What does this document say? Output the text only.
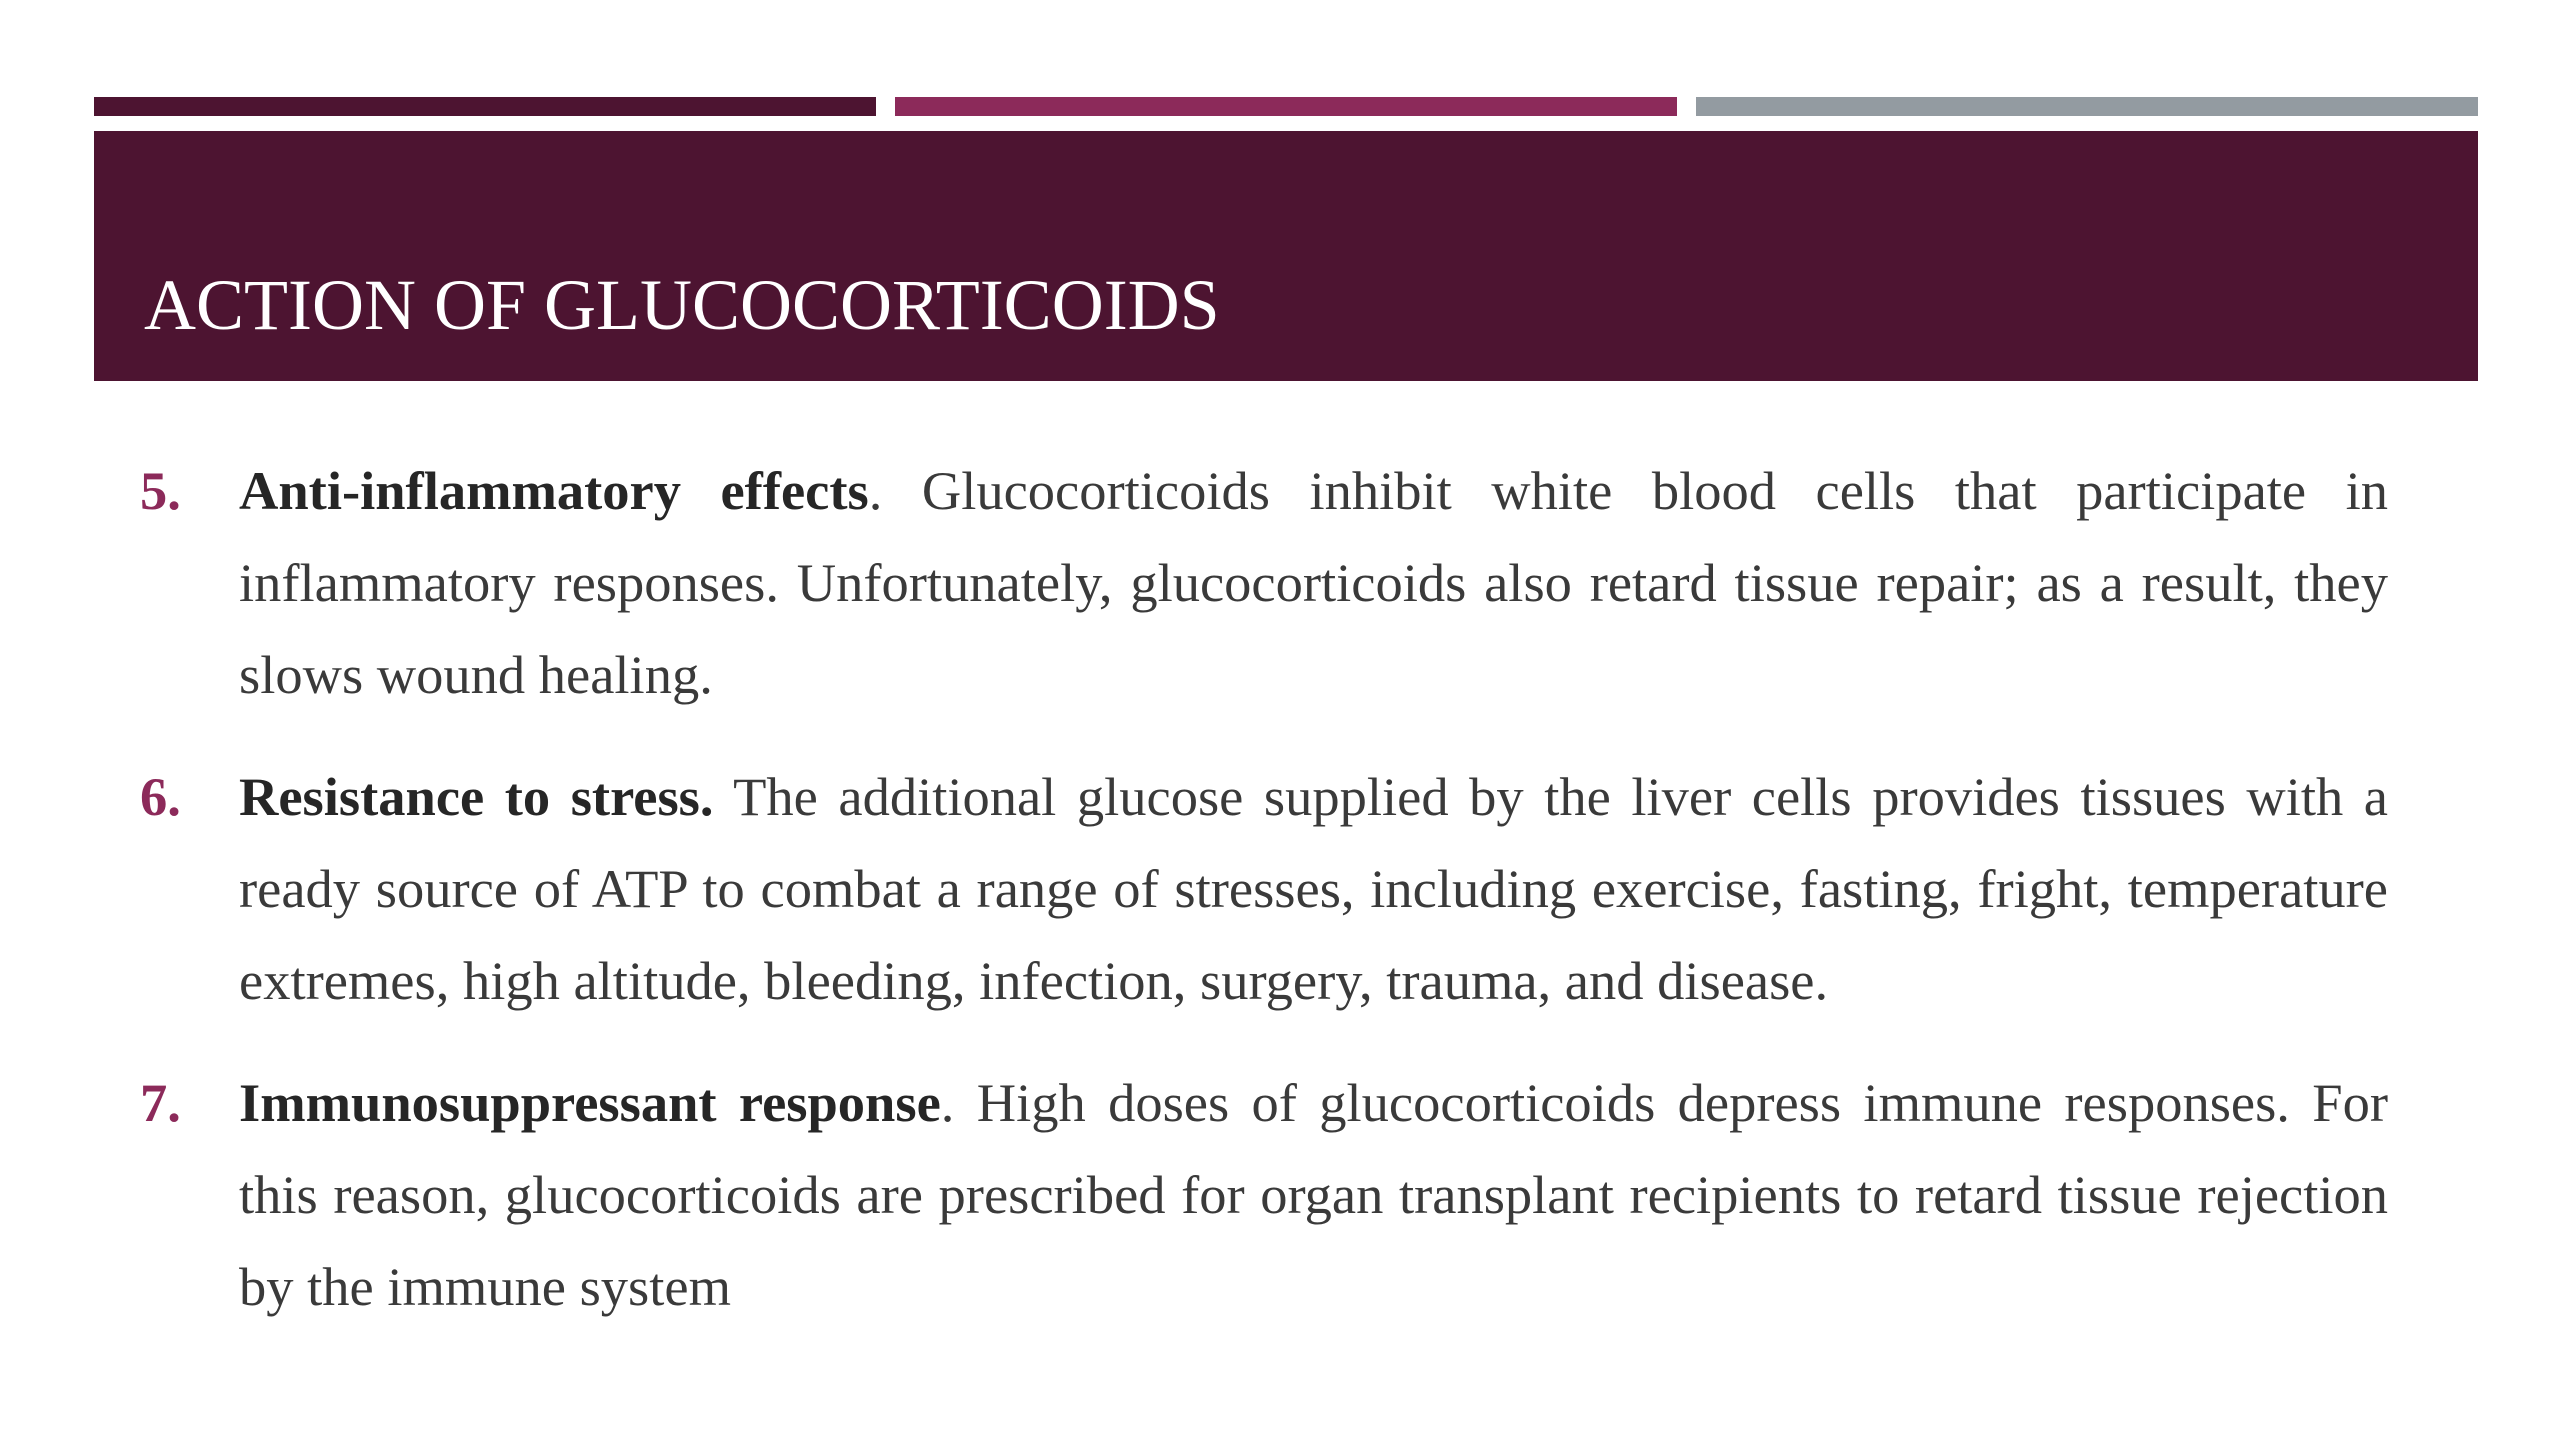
ACTION OF GLUCOCORTICOIDS
5. Anti-inflammatory effects. Glucocorticoids inhibit white blood cells that participate in inflammatory responses. Unfortunately, glucocorticoids also retard tissue repair; as a result, they slows wound healing.
6. Resistance to stress. The additional glucose supplied by the liver cells provides tissues with a ready source of ATP to combat a range of stresses, including exercise, fasting, fright, temperature extremes, high altitude, bleeding, infection, surgery, trauma, and disease.
7. Immunosuppressant response. High doses of glucocorticoids depress immune responses. For this reason, glucocorticoids are prescribed for organ transplant recipients to retard tissue rejection by the immune system
